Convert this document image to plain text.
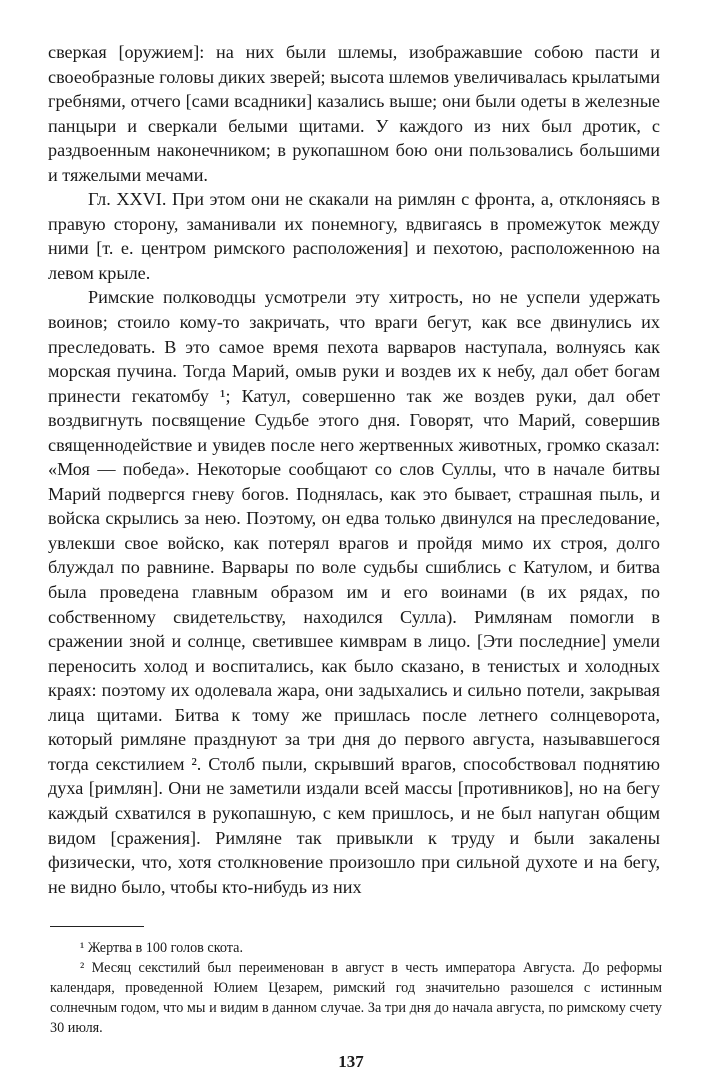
сверкая [оружием]: на них были шлемы, изображавшие собою пасти и своеобразные головы диких зверей; высота шлемов увеличивалась крылатыми гребнями, отчего [сами всадники] казались выше; они были одеты в железные панцыри и сверкали белыми щитами. У каждого из них был дротик, с раздвоенным наконечником; в рукопашном бою они пользовались большими и тяжелыми мечами.

Гл. XXVI. При этом они не скакали на римлян с фронта, а, отклоняясь в правую сторону, заманивали их понемногу, вдвигаясь в промежуток между ними [т. е. центром римского расположения] и пехотою, расположенною на левом крыле.

Римские полководцы усмотрели эту хитрость, но не успели удержать воинов; стоило кому-то закричать, что враги бегут, как все двинулись их преследовать. В это самое время пехота варваров наступала, волнуясь как морская пучина. Тогда Марий, омыв руки и воздев их к небу, дал обет богам принести гекатомбу ¹; Катул, совершенно так же воздев руки, дал обет воздвигнуть посвящение Судьбе этого дня. Говорят, что Марий, совершив священнодействие и увидев после него жертвенных животных, громко сказал: «Моя — победа». Некоторые сообщают со слов Суллы, что в начале битвы Марий подвергся гневу богов. Поднялась, как это бывает, страшная пыль, и войска скрылись за нею. Поэтому, он едва только двинулся на преследование, увлекши свое войско, как потерял врагов и пройдя мимо их строя, долго блуждал по равнине. Варвары по воле судьбы сшиблись с Катулом, и битва была проведена главным образом им и его воинами (в их рядах, по собственному свидетельству, находился Сулла). Римлянам помогли в сражении зной и солнце, светившее кимврам в лицо. [Эти последние] умели переносить холод и воспитались, как было сказано, в тенистых и холодных краях: поэтому их одолевала жара, они задыхались и сильно потели, закрывая лица щитами. Битва к тому же пришлась после летнего солнцеворота, который римляне празднуют за три дня до первого августа, называвшегося тогда секстилием ². Столб пыли, скрывший врагов, способствовал поднятию духа [римлян]. Они не заметили издали всей массы [противников], но на бегу каждый схватился в рукопашную, с кем пришлось, и не был напуган общим видом [сражения]. Римляне так привыкли к труду и были закалены физически, что, хотя столкновение произошло при сильной духоте и на бегу, не видно было, чтобы кто-нибудь из них

¹ Жертва в 100 голов скота.

² Месяц секстилий был переименован в август в честь императора Августа. До реформы календаря, проведенной Юлием Цезарем, римский год значительно разошелся с истинным солнечным годом, что мы и видим в данном случае. За три дня до начала августа, по римскому счету 30 июля.

137
